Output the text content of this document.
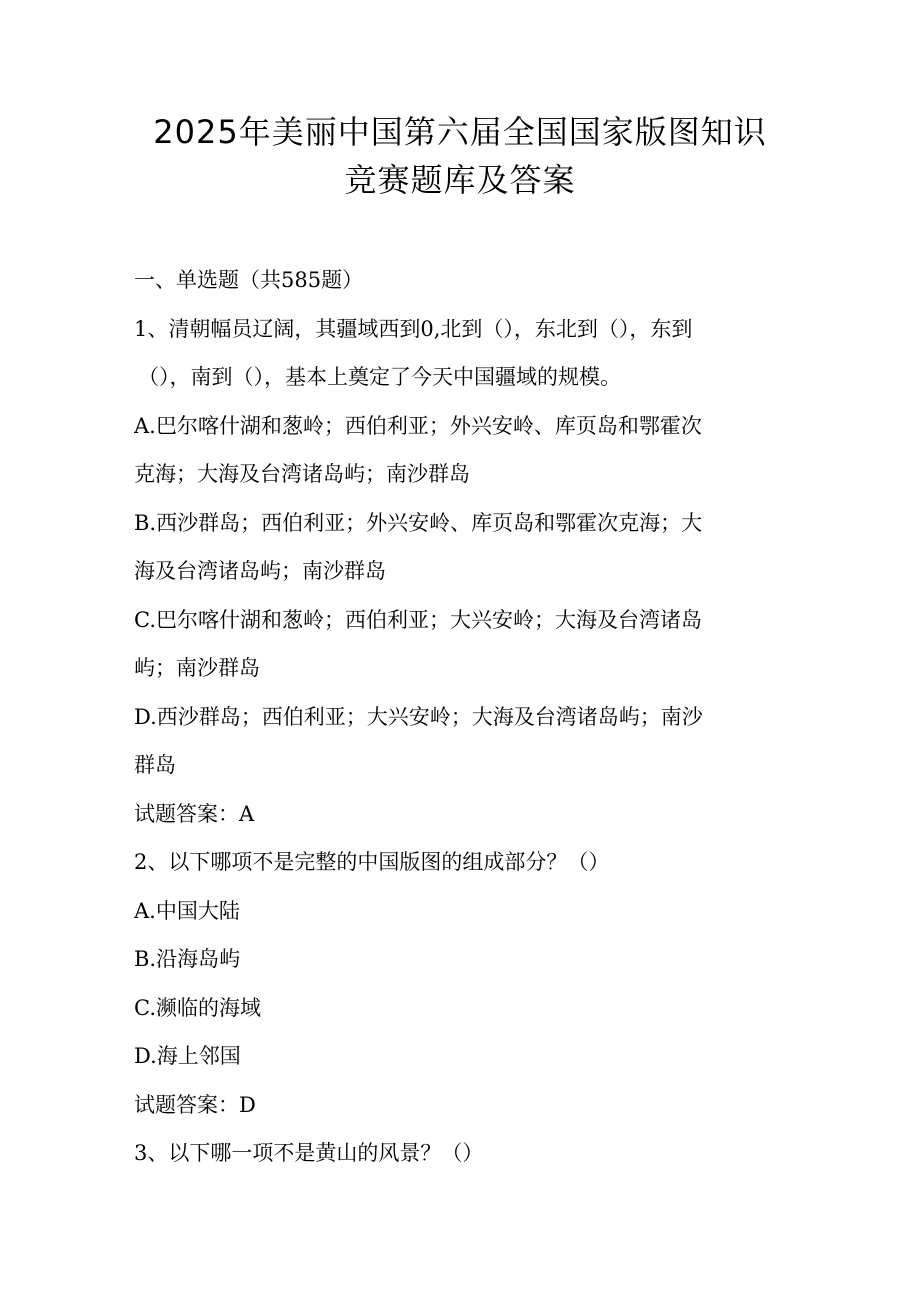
2025年美丽中国第六届全国国家版图知识
竞赛题库及答案
一、单选题（共585题）
1、清朝幅员辽阔，其疆域西到0,北到（），东北到（），东到
（），南到（），基本上奠定了今天中国疆域的规模。
A.巴尔喀什湖和葱岭；西伯利亚；外兴安岭、库页岛和鄂霍次
克海；大海及台湾诸岛屿；南沙群岛
B.西沙群岛；西伯利亚；外兴安岭、库页岛和鄂霍次克海；大
海及台湾诸岛屿；南沙群岛
C.巴尔喀什湖和葱岭；西伯利亚；大兴安岭；大海及台湾诸岛
屿；南沙群岛
D.西沙群岛；西伯利亚；大兴安岭；大海及台湾诸岛屿；南沙
群岛
试题答案：A
2、以下哪项不是完整的中国版图的组成部分？（）
A.中国大陆
B.沿海岛屿
C.濒临的海域
D.海上邻国
试题答案：D
3、以下哪一项不是黄山的风景？（）
